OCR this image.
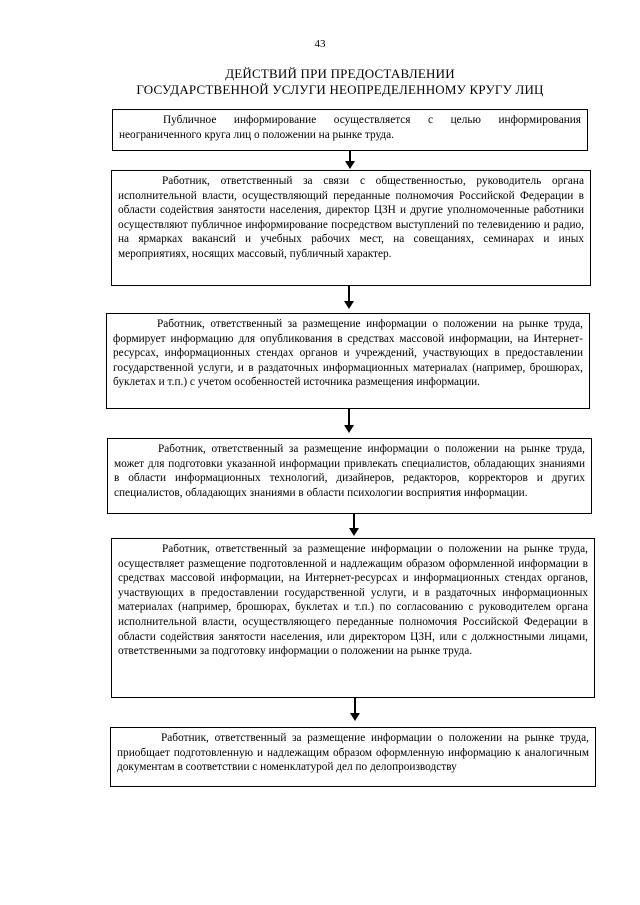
43
ДЕЙСТВИЙ ПРИ ПРЕДОСТАВЛЕНИИ
ГОСУДАРСТВЕННОЙ УСЛУГИ НЕОПРЕДЕЛЕННОМУ КРУГУ ЛИЦ

Публичное информирование осуществляется с целью информирования неограниченного круга лиц о положении на рынке труда.

Работник, ответственный за связи с общественностью, руководитель органа исполнительной власти, осуществляющий переданные полномочия Российской Федерации в области содействия занятости населения, директор ЦЗН и другие уполномоченные работники осуществляют публичное информирование посредством выступлений по телевидению и радио, на ярмарках вакансий и учебных рабочих мест, на совещаниях, семинарах и иных мероприятиях, носящих массовый, публичный характер.

Работник, ответственный за размещение информации о положении на рынке труда, формирует информацию для опубликования в средствах массовой информации, на Интернет-ресурсах, информационных стендах органов и учреждений, участвующих в предоставлении государственной услуги, и в раздаточных информационных материалах (например, брошюрах, буклетах и т.п.) с учетом особенностей источника размещения информации.

Работник, ответственный за размещение информации о положении на рынке труда, может для подготовки указанной информации привлекать специалистов, обладающих знаниями в области информационных технологий, дизайнеров, редакторов, корректоров и других специалистов, обладающих знаниями в области психологии восприятия информации.

Работник, ответственный за размещение информации о положении на рынке труда, осуществляет размещение подготовленной и надлежащим образом оформленной информации в средствах массовой информации, на Интернет-ресурсах и информационных стендах органов, участвующих в предоставлении государственной услуги, и в раздаточных информационных материалах (например, брошюрах, буклетах и т.п.) по согласованию с руководителем органа исполнительной власти, осуществляющего переданные полномочия Российской Федерации в области содействия занятости населения, или директором ЦЗН, или с должностными лицами, ответственными за подготовку информации о положении на рынке труда.

Работник, ответственный за размещение информации о положении на рынке труда, приобщает подготовленную и надлежащим образом оформленную информацию к аналогичным документам в соответствии с номенклатурой дел по делопроизводству
